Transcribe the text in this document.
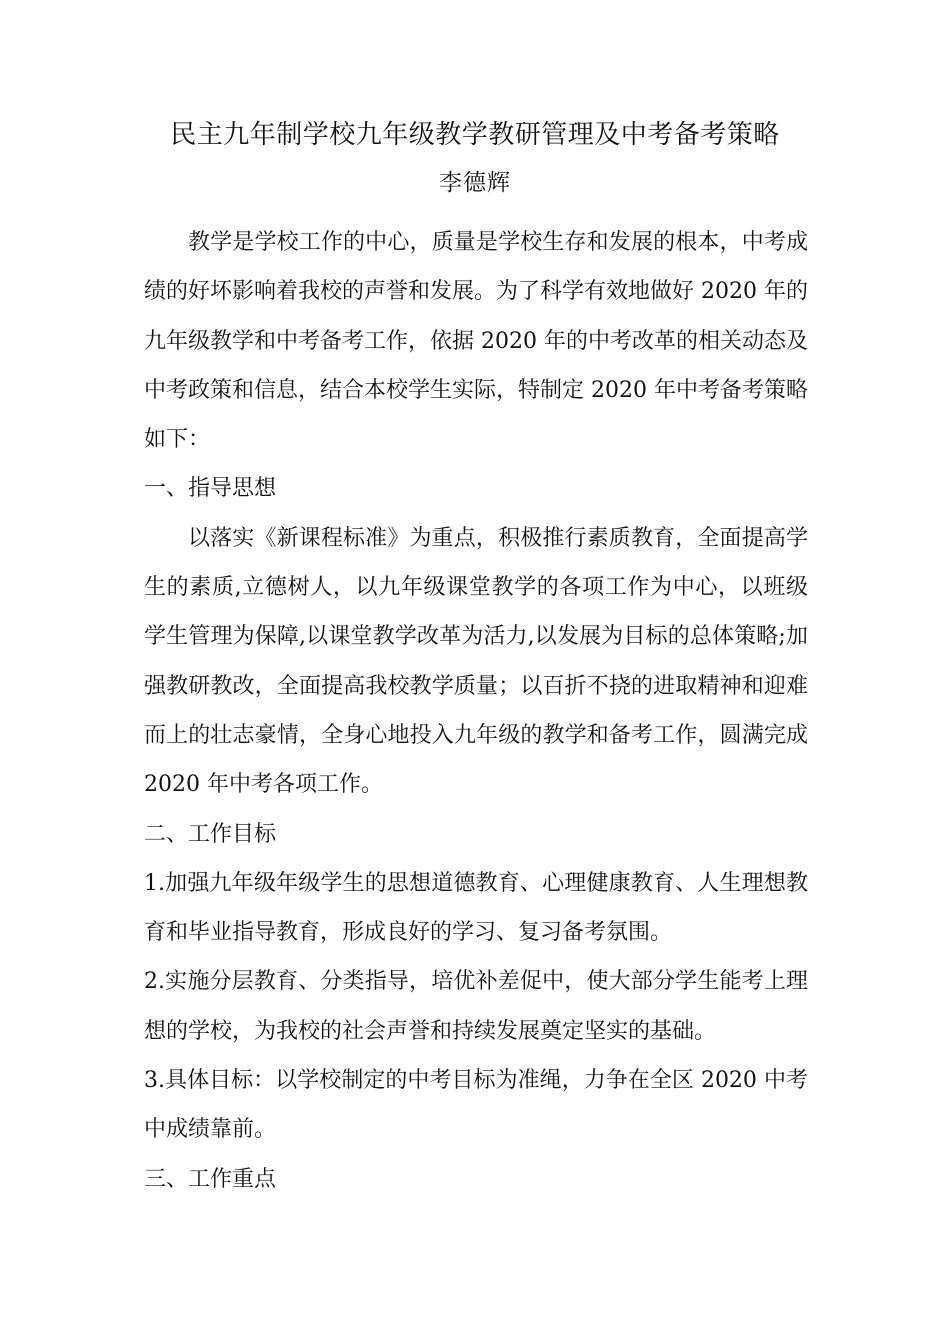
民主九年制学校九年级教学教研管理及中考备考策略
李德辉

教学是学校工作的中心，质量是学校生存和发展的根本，中考成绩的好坏影响着我校的声誉和发展。为了科学有效地做好 2020 年的九年级教学和中考备考工作，依据 2020 年的中考改革的相关动态及中考政策和信息，结合本校学生实际，特制定 2020 年中考备考策略如下：

一、指导思想

以落实《新课程标准》为重点，积极推行素质教育，全面提高学生的素质,立德树人，以九年级课堂教学的各项工作为中心，以班级学生管理为保障,以课堂教学改革为活力,以发展为目标的总体策略;加强教研教改，全面提高我校教学质量；以百折不挠的进取精神和迎难而上的壮志豪情，全身心地投入九年级的教学和备考工作，圆满完成 2020 年中考各项工作。

二、工作目标

1.加强九年级年级学生的思想道德教育、心理健康教育、人生理想教育和毕业指导教育，形成良好的学习、复习备考氛围。

2.实施分层教育、分类指导，培优补差促中，使大部分学生能考上理想的学校，为我校的社会声誉和持续发展奠定坚实的基础。

3.具体目标：以学校制定的中考目标为准绳，力争在全区 2020 中考中成绩靠前。

三、工作重点
